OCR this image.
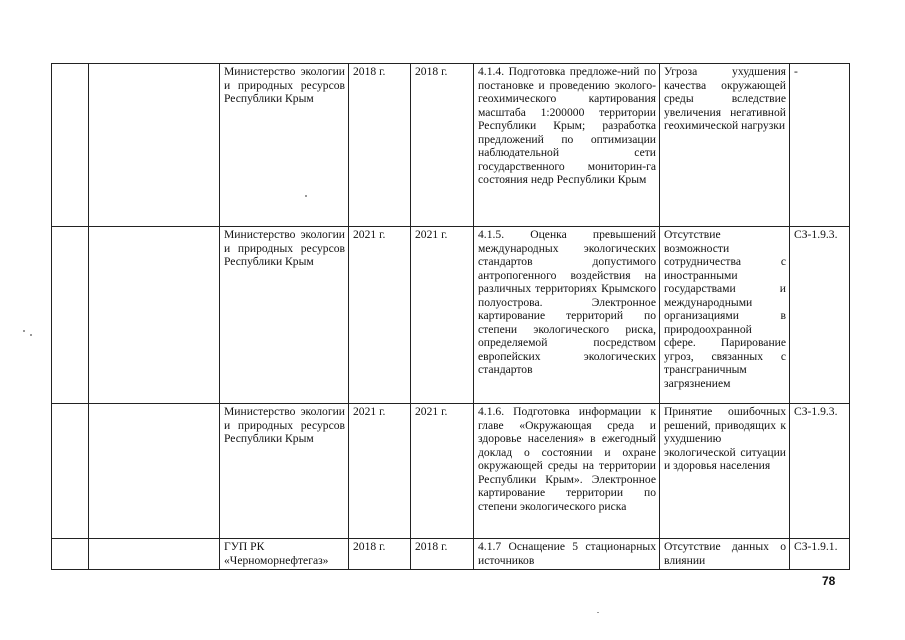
		Министерство экологии и природных ресурсов Республики Крым	2018 г.	2018 г.	4.1.4. Подготовка предложе-ний по постановке и проведению эколого-геохимического картирования масштаба 1:200000 территории Республики Крым; разработка предложений по оптимизации наблюдательной сети государственного мониторин-га состояния недр Республики Крым	Угроза ухудшения качества окружающей среды вследствие увеличения негативной геохимической нагрузки	-
		Министерство экологии и природных ресурсов Республики Крым	2021 г.	2021 г.	4.1.5. Оценка превышений международных экологических стандартов допустимого антропогенного воздействия на различных территориях Крымского полуострова. Электронное картирование территорий по степени экологического риска, определяемой посредством европейских экологических стандартов	Отсутствие возможности сотрудничества с иностранными государствами и международными организациями в природоохранной сфере. Парирование угроз, связанных с трансграничным загрязнением	СЗ-1.9.3.
		Министерство экологии и природных ресурсов Республики Крым	2021 г.	2021 г.	4.1.6. Подготовка информации к главе «Окружающая среда и здоровье населения» в ежегодный доклад о состоянии и охране окружающей среды на территории Республики Крым». Электронное картирование территории по степени экологического риска	Принятие ошибочных решений, приводящих к ухудшению экологической ситуации и здоровья населения	СЗ-1.9.3.
		ГУП РК «Черноморнефтегаз»	2018 г.	2018 г.	4.1.7 Оснащение 5 стационарных источников	Отсутствие данных о влиянии	СЗ-1.9.1.
78
